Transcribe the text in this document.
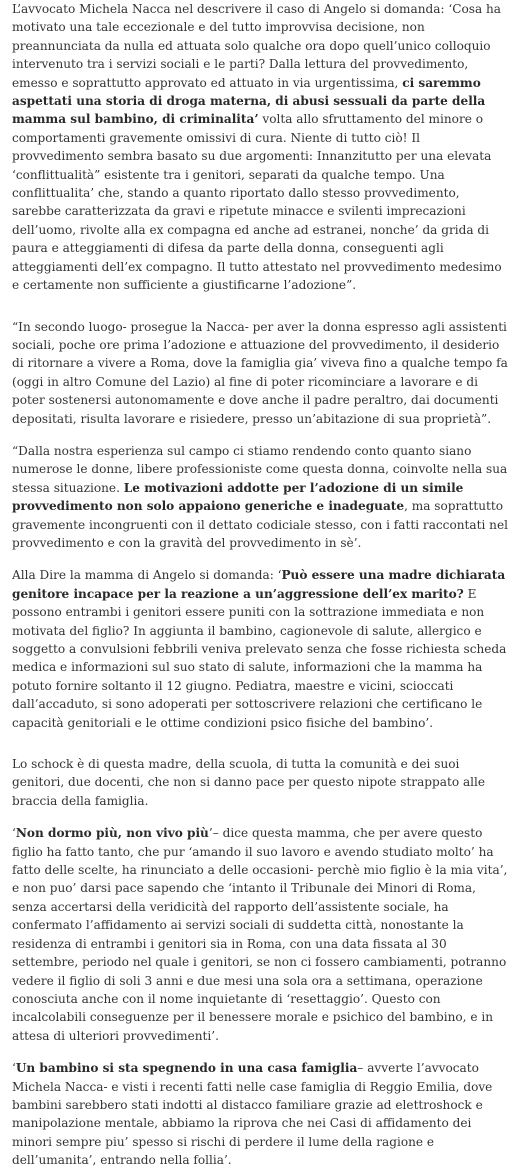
L’avvocato Michela Nacca nel descrivere il caso di Angelo si domanda: ‘Cosa ha motivato una tale eccezionale e del tutto improvvisa decisione, non preannunciata da nulla ed attuata solo qualche ora dopo quell’unico colloquio intervenuto tra i servizi sociali e le parti? Dalla lettura del provvedimento, emesso e soprattutto approvato ed attuato in via urgentissima, ci saremmo aspettati una storia di droga materna, di abusi sessuali da parte della mamma sul bambino, di criminalita’ volta allo sfruttamento del minore o comportamenti gravemente omissivi di cura. Niente di tutto ciò! Il provvedimento sembra basato su due argomenti: Innanzitutto per una elevata ‘conflittualità” esistente tra i genitori, separati da qualche tempo. Una conflittualita’ che, stando a quanto riportato dallo stesso provvedimento, sarebbe caratterizzata da gravi e ripetute minacce e svilenti imprecazioni dell’uomo, rivolte alla ex compagna ed anche ad estranei, nonche’ da grida di paura e atteggiamenti di difesa da parte della donna, conseguenti agli atteggiamenti dell’ex compagno. Il tutto attestato nel provvedimento medesimo e certamente non sufficiente a giustificarne l’adozione”.

“In secondo luogo- prosegue la Nacca- per aver la donna espresso agli assistenti sociali, poche ore prima l’adozione e attuazione del provvedimento, il desiderio di ritornare a vivere a Roma, dove la famiglia gia’ viveva fino a qualche tempo fa (oggi in altro Comune del Lazio) al fine di poter ricominciare a lavorare e di poter sostenersi autonomamente e dove anche il padre peraltro, dai documenti depositati, risulta lavorare e risiedere, presso un’abitazione di sua proprietà”.

“Dalla nostra esperienza sul campo ci stiamo rendendo conto quanto siano numerose le donne, libere professioniste come questa donna, coinvolte nella sua stessa situazione. Le motivazioni addotte per l’adozione di un simile provvedimento non solo appaiono generiche e inadeguate, ma soprattutto gravemente incongruenti con il dettato codiciale stesso, con i fatti raccontati nel provvedimento e con la gravità del provvedimento in sè’.

Alla Dire la mamma di Angelo si domanda: ‘Può essere una madre dichiarata genitore incapace per la reazione a un’aggressione dell’ex marito? E possono entrambi i genitori essere puniti con la sottrazione immediata e non motivata del figlio? In aggiunta il bambino, cagionevole di salute, allergico e soggetto a convulsioni febbrili veniva prelevato senza che fosse richiesta scheda medica e informazioni sul suo stato di salute, informazioni che la mamma ha potuto fornire soltanto il 12 giugno. Pediatra, maestre e vicini, scioccati dall’accaduto, si sono adoperati per sottoscrivere relazioni che certificano le capacità genitoriali e le ottime condizioni psico fisiche del bambino’.

Lo schock è di questa madre, della scuola, di tutta la comunità e dei suoi genitori, due docenti, che non si danno pace per questo nipote strappato alle braccia della famiglia.

‘Non dormo più, non vivo più’– dice questa mamma, che per avere questo figlio ha fatto tanto, che pur ‘amando il suo lavoro e avendo studiato molto’ ha fatto delle scelte, ha rinunciato a delle occasioni- perchè mio figlio è la mia vita’, e non puo’ darsi pace sapendo che ‘intanto il Tribunale dei Minori di Roma, senza accertarsi della veridicità del rapporto dell’assistente sociale, ha confermato l’affidamento ai servizi sociali di suddetta città, nonostante la residenza di entrambi i genitori sia in Roma, con una data fissata al 30 settembre, periodo nel quale i genitori, se non ci fossero cambiamenti, potranno vedere il figlio di soli 3 anni e due mesi una sola ora a settimana, operazione conosciuta anche con il nome inquietante di ‘resettaggio’. Questo con incalcolabili conseguenze per il benessere morale e psichico del bambino, e in attesa di ulteriori provvedimenti’.

‘Un bambino si sta spegnendo in una casa famiglia– avverte l’avvocato Michela Nacca- e visti i recenti fatti nelle case famiglia di Reggio Emilia, dove bambini sarebbero stati indotti al distacco familiare grazie ad elettroshock e manipolazione mentale, abbiamo la riprova che nei Casi di affidamento dei minori sempre piu’ spesso si rischi di perdere il lume della ragione e dell’umanita’, entrando nella follia’.
